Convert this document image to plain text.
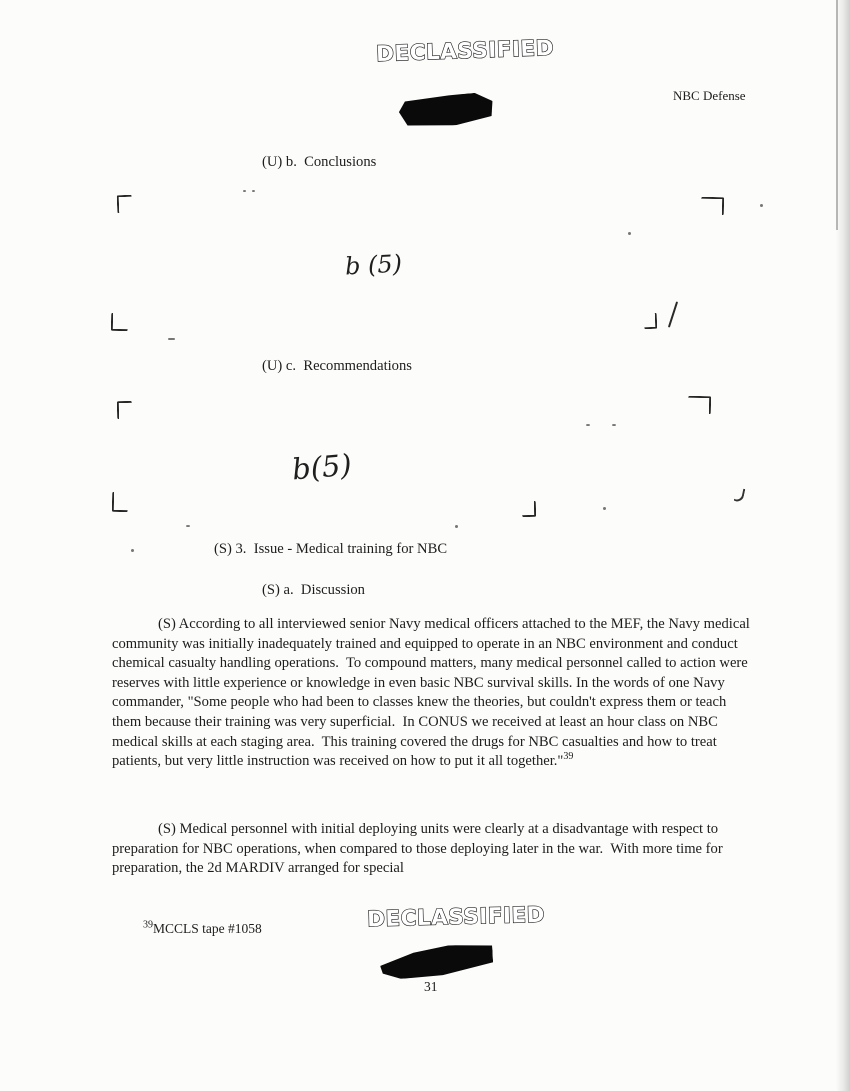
DECLASSIFIED
NBC Defense
(U) b.  Conclusions
b (5)
(U) c.  Recommendations
b(5)
(S) 3.  Issue - Medical training for NBC
(S) a.  Discussion

(S) According to all interviewed senior Navy medical officers attached to the MEF, the Navy medical community was initially inadequately trained and equipped to operate in an NBC environment and conduct chemical casualty handling operations.  To compound matters, many medical personnel called to action were reserves with little experience or knowledge in even basic NBC survival skills. In the words of one Navy commander, "Some people who had been to classes knew the theories, but couldn't express them or teach them because their training was very superficial.  In CONUS we received at least an hour class on NBC medical skills at each staging area.  This training covered the drugs for NBC casualties and how to treat patients, but very little instruction was received on how to put it all together."$^{39}$

(S) Medical personnel with initial deploying units were clearly at a disadvantage with respect to preparation for NBC operations, when compared to those deploying later in the war.  With more time for preparation, the 2d MARDIV arranged for special

DECLASSIFIED
$^{39}$MCCLS tape #1058
31
